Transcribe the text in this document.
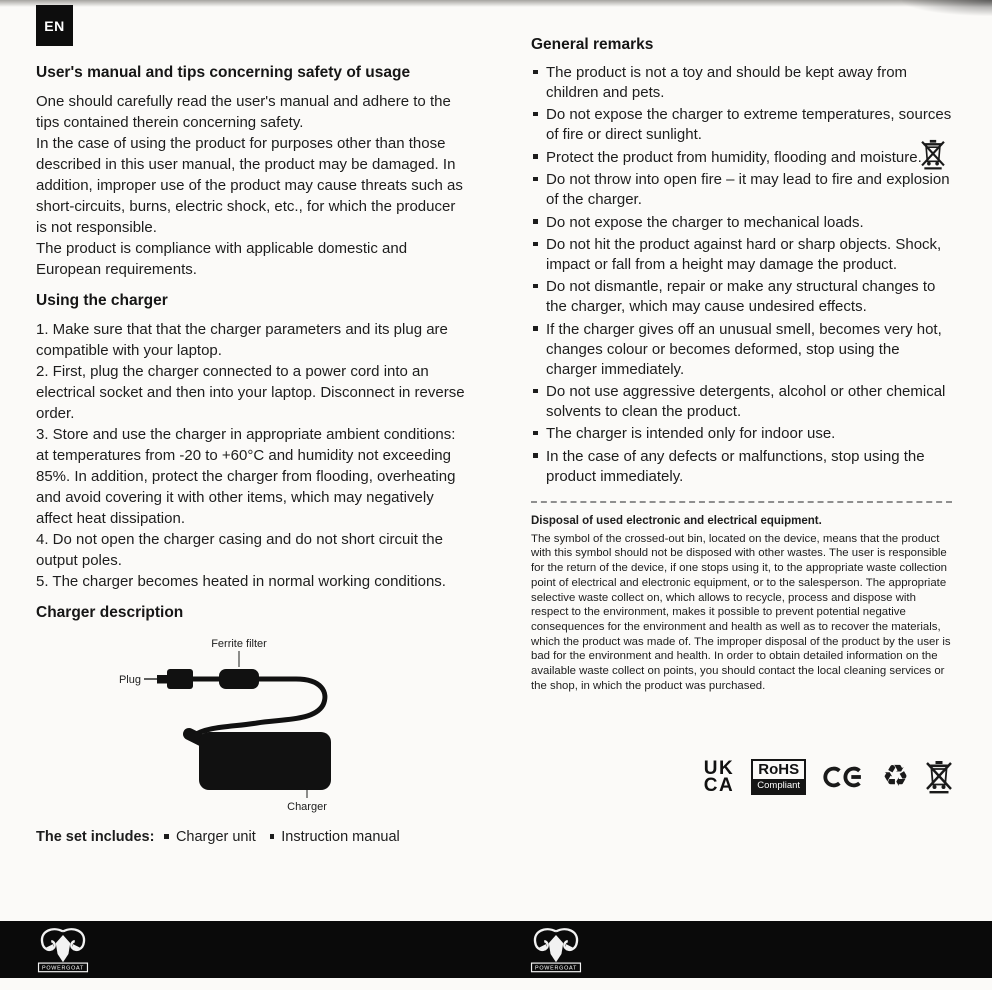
EN
User's manual and tips concerning safety of usage

One should carefully read the user's manual and adhere to the tips contained therein concerning safety.

In the case of using the product for purposes other than those described in this user manual, the product may be damaged. In addition, improper use of the product may cause threats such as short-circuits, burns, electric shock, etc., for which the producer is not responsible.

The product is compliance with applicable domestic and European requirements.

Using the charger

1. Make sure that that the charger parameters and its plug are compatible with your laptop.

2. First, plug the charger connected to a power cord into an electrical socket and then into your laptop. Disconnect in reverse order.

3. Store and use the charger in appropriate ambient conditions: at temperatures from -20 to +60°C and humidity not exceeding 85%. In addition, protect the charger from flooding, overheating and avoid covering it with other items, which may negatively affect heat dissipation.

4. Do not open the charger casing and do not short circuit the output poles.

5. The charger becomes heated in normal working conditions.

Charger description
Ferrite filter
Plug
Charger
The set includes:	Charger unit	Instruction manual
General remarks
The product is not a toy and should be kept away from children and pets.
Do not expose the charger to extreme temperatures, sources of fire or direct sunlight.
Protect the product from humidity, flooding and moisture.
Do not throw into open fire – it may lead to fire and explosion of the charger.
Do not expose the charger to mechanical loads.
Do not hit the product against hard or sharp objects. Shock, impact or fall from a height may damage the product.
Do not dismantle, repair or make any structural changes to the charger, which may cause undesired effects.
If the charger gives off an unusual smell, becomes very hot, changes colour or becomes deformed, stop using the charger immediately.
Do not use aggressive detergents, alcohol or other chemical solvents to clean the product.
The charger is intended only for indoor use.
In the case of any defects or malfunctions, stop using the product immediately.
Disposal of used electronic and electrical equipment.

The symbol of the crossed-out bin, located on the device, means that the product with this symbol should not be disposed with other wastes. The user is responsible for the return of the device, if one stops using it, to the appropriate waste collection point of electrical and electronic equipment, or to the salesperson. The appropriate selective waste collect on, which allows to recycle, process and dispose with respect to the environment, makes it possible to prevent potential negative consequences for the environment and health as well as to recover the materials, which the product was made of. The improper disposal of the product by the user is bad for the environment and health. In order to obtain detailed information on the available waste collect on points, you should contact the local cleaning services or the shop, in which the product was purchased.

UK
CA
RoHS
Compliant	♻
POWERGOAT	POWERGOAT
